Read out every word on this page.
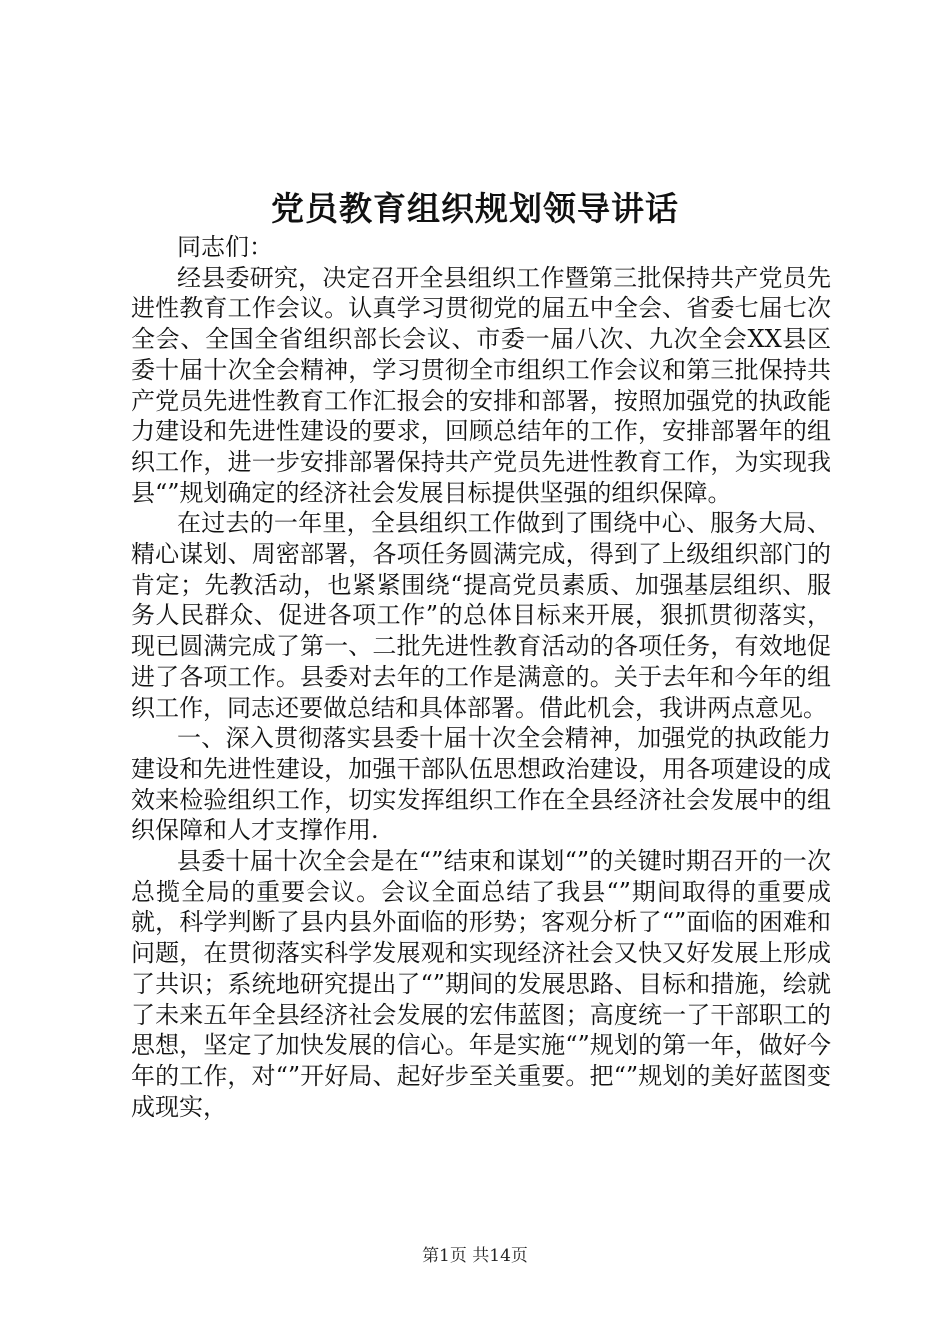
党员教育组织规划领导讲话

同志们：

经县委研究，决定召开全县组织工作暨第三批保持共产党员先进性教育工作会议。认真学习贯彻党的届五中全会、省委七届七次全会、全国全省组织部长会议、市委一届八次、九次全会XX县区委十届十次全会精神，学习贯彻全市组织工作会议和第三批保持共产党员先进性教育工作汇报会的安排和部署，按照加强党的执政能力建设和先进性建设的要求，回顾总结年的工作，安排部署年的组织工作，进一步安排部署保持共产党员先进性教育工作，为实现我县“”规划确定的经济社会发展目标提供坚强的组织保障。

在过去的一年里，全县组织工作做到了围绕中心、服务大局、精心谋划、周密部署，各项任务圆满完成，得到了上级组织部门的肯定；先教活动，也紧紧围绕“提高党员素质、加强基层组织、服务人民群众、促进各项工作”的总体目标来开展，狠抓贯彻落实，现已圆满完成了第一、二批先进性教育活动的各项任务，有效地促进了各项工作。县委对去年的工作是满意的。关于去年和今年的组织工作，同志还要做总结和具体部署。借此机会，我讲两点意见。

一、深入贯彻落实县委十届十次全会精神，加强党的执政能力建设和先进性建设，加强干部队伍思想政治建设，用各项建设的成效来检验组织工作，切实发挥组织工作在全县经济社会发展中的组织保障和人才支撑作用.

县委十届十次全会是在“”结束和谋划“”的关键时期召开的一次总揽全局的重要会议。会议全面总结了我县“”期间取得的重要成就，科学判断了县内县外面临的形势；客观分析了“”面临的困难和问题，在贯彻落实科学发展观和实现经济社会又快又好发展上形成了共识；系统地研究提出了“”期间的发展思路、目标和措施，绘就了未来五年全县经济社会发展的宏伟蓝图；高度统一了干部职工的思想，坚定了加快发展的信心。年是实施“”规划的第一年，做好今年的工作，对“”开好局、起好步至关重要。把“”规划的美好蓝图变成现实，

第1页 共14页
